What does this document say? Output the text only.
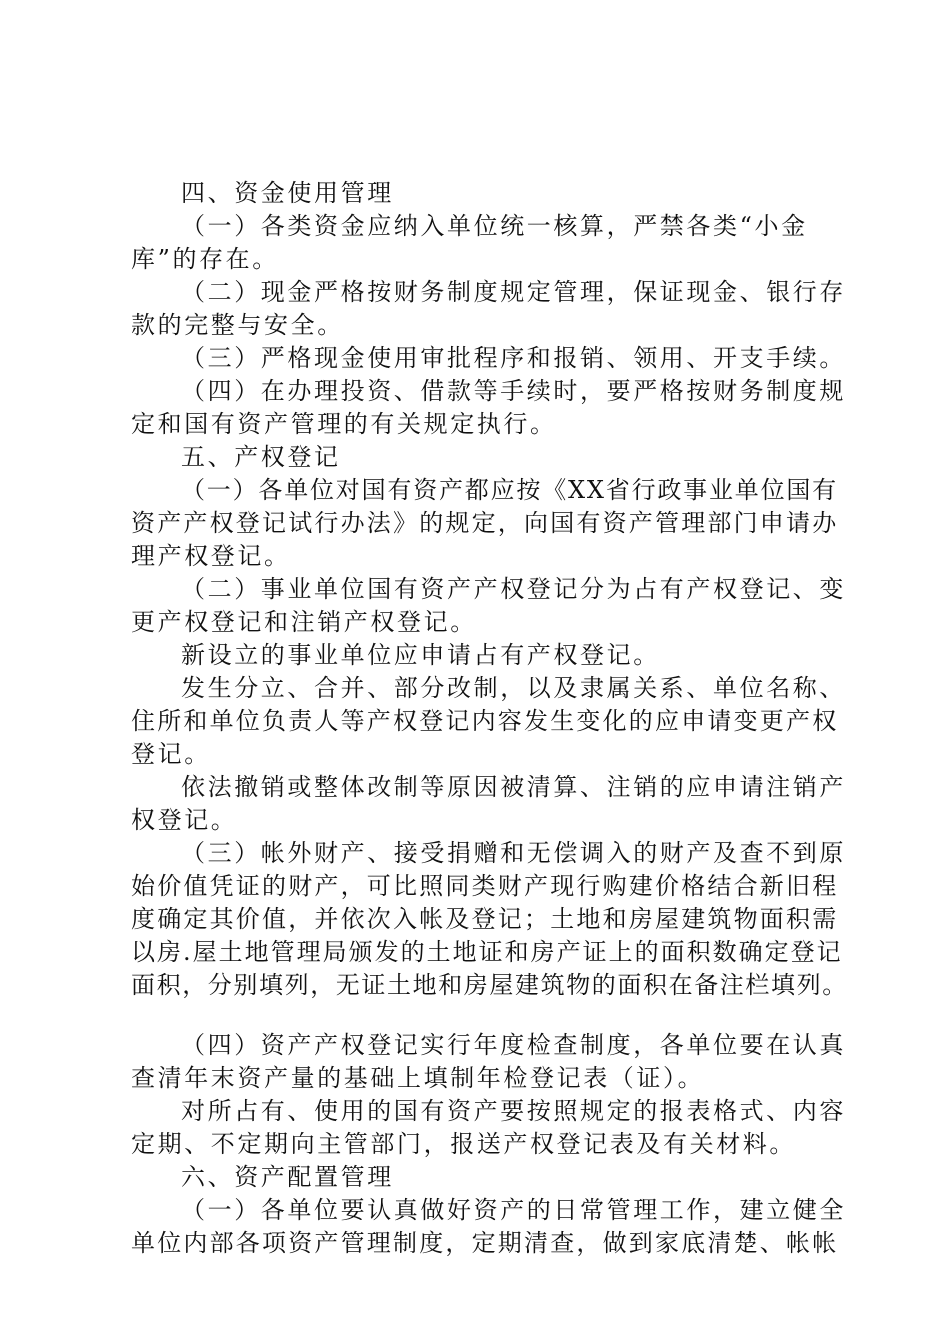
四、资金使用管理
（一）各类资金应纳入单位统一核算，严禁各类“小金
库”的存在。
（二）现金严格按财务制度规定管理，保证现金、银行存
款的完整与安全。
（三）严格现金使用审批程序和报销、领用、开支手续。
（四）在办理投资、借款等手续时，要严格按财务制度规
定和国有资产管理的有关规定执行。
五、产权登记
（一）各单位对国有资产都应按《XX省行政事业单位国有
资产产权登记试行办法》的规定，向国有资产管理部门申请办
理产权登记。
（二）事业单位国有资产产权登记分为占有产权登记、变
更产权登记和注销产权登记。
新设立的事业单位应申请占有产权登记。
发生分立、合并、部分改制，以及隶属关系、单位名称、
住所和单位负责人等产权登记内容发生变化的应申请变更产权
登记。
依法撤销或整体改制等原因被清算、注销的应申请注销产
权登记。
（三）帐外财产、接受捐赠和无偿调入的财产及查不到原
始价值凭证的财产，可比照同类财产现行购建价格结合新旧程
度确定其价值，并依次入帐及登记；土地和房屋建筑物面积需
以房.屋土地管理局颁发的土地证和房产证上的面积数确定登记
面积，分别填列，无证土地和房屋建筑物的面积在备注栏填列。
（四）资产产权登记实行年度检查制度，各单位要在认真
查清年末资产量的基础上填制年检登记表（证）。
对所占有、使用的国有资产要按照规定的报表格式、内容
定期、不定期向主管部门，报送产权登记表及有关材料。
六、资产配置管理
（一）各单位要认真做好资产的日常管理工作，建立健全
单位内部各项资产管理制度，定期清查，做到家底清楚、帐帐
